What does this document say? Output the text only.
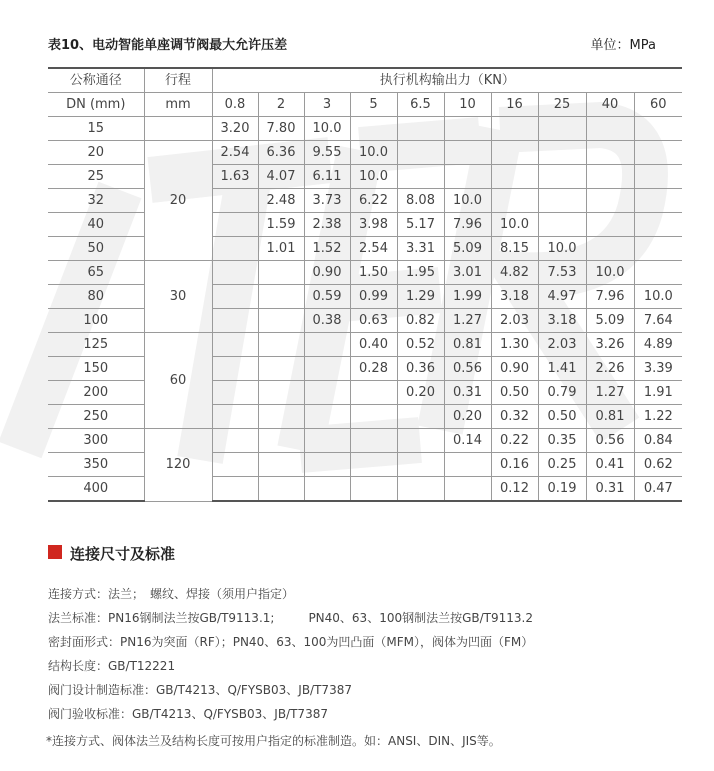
表10、电动智能单座调节阀最大允许压差	单位：MPa
公称通径	行程	执行机构输出力（KN）									
DN (mm)	mm	0.8	2	3	5	6.5	10	16	25	40	60
15		3.20	7.80	10.0							
20	20	2.54	6.36	9.55	10.0						
25		1.63	4.07	6.11	10.0						
32			2.48	3.73	6.22	8.08	10.0				
40			1.59	2.38	3.98	5.17	7.96	10.0			
50			1.01	1.52	2.54	3.31	5.09	8.15	10.0		
65	30			0.90	1.50	1.95	3.01	4.82	7.53	10.0	
80				0.59	0.99	1.29	1.99	3.18	4.97	7.96	10.0
100				0.38	0.63	0.82	1.27	2.03	3.18	5.09	7.64
125	60				0.40	0.52	0.81	1.30	2.03	3.26	4.89
150					0.28	0.36	0.56	0.90	1.41	2.26	3.39
200						0.20	0.31	0.50	0.79	1.27	1.91
250							0.20	0.32	0.50	0.81	1.22
300	120						0.14	0.22	0.35	0.56	0.84
350								0.16	0.25	0.41	0.62
400								0.12	0.19	0.31	0.47
连接尺寸及标准
连接方式：法兰； 螺纹、焊接（须用户指定）
法兰标准：PN16钢制法兰按GB/T9113.1;	PN40、63、100钢制法兰按GB/T9113.2
密封面形式：PN16为突面（RF）；PN40、63、100为凹凸面（MFM），阀体为凹面（FM）
结构长度：GB/T12221
阀门设计制造标准：GB/T4213、Q/FYSB03、JB/T7387
阀门验收标准：GB/T4213、Q/FYSB03、JB/T7387
*连接方式、阀体法兰及结构长度可按用户指定的标准制造。如：ANSI、DIN、JIS等。
